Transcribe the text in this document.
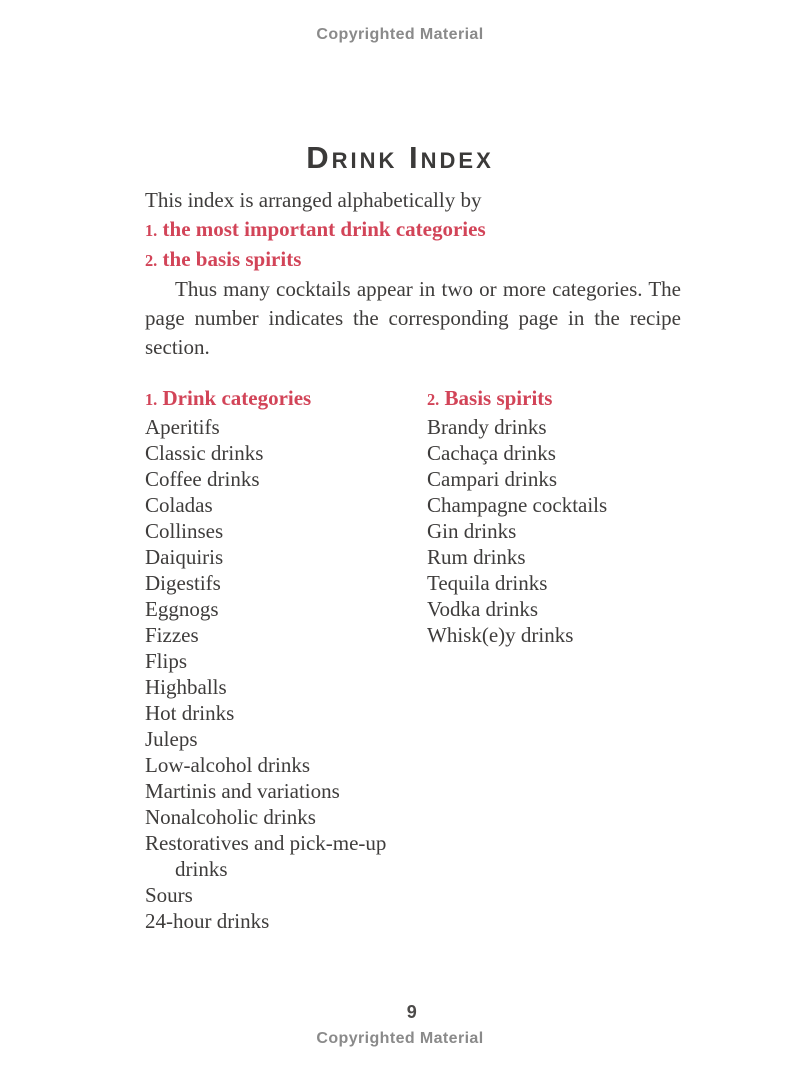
Copyrighted Material
Drink Index

This index is arranged alphabetically by

1. the most important drink categories

2. the basis spirits

Thus many cocktails appear in two or more categories. The page number indicates the corresponding page in the recipe section.

1. Drink categories
Aperitifs
Classic drinks
Coffee drinks
Coladas
Collinses
Daiquiris
Digestifs
Eggnogs
Fizzes
Flips
Highballs
Hot drinks
Juleps
Low-alcohol drinks
Martinis and variations
Nonalcoholic drinks
Restoratives and pick-me-up drinks
Sours
24-hour drinks
2. Basis spirits
Brandy drinks
Cachaça drinks
Campari drinks
Champagne cocktails
Gin drinks
Rum drinks
Tequila drinks
Vodka drinks
Whisk(e)y drinks
9
Copyrighted Material
